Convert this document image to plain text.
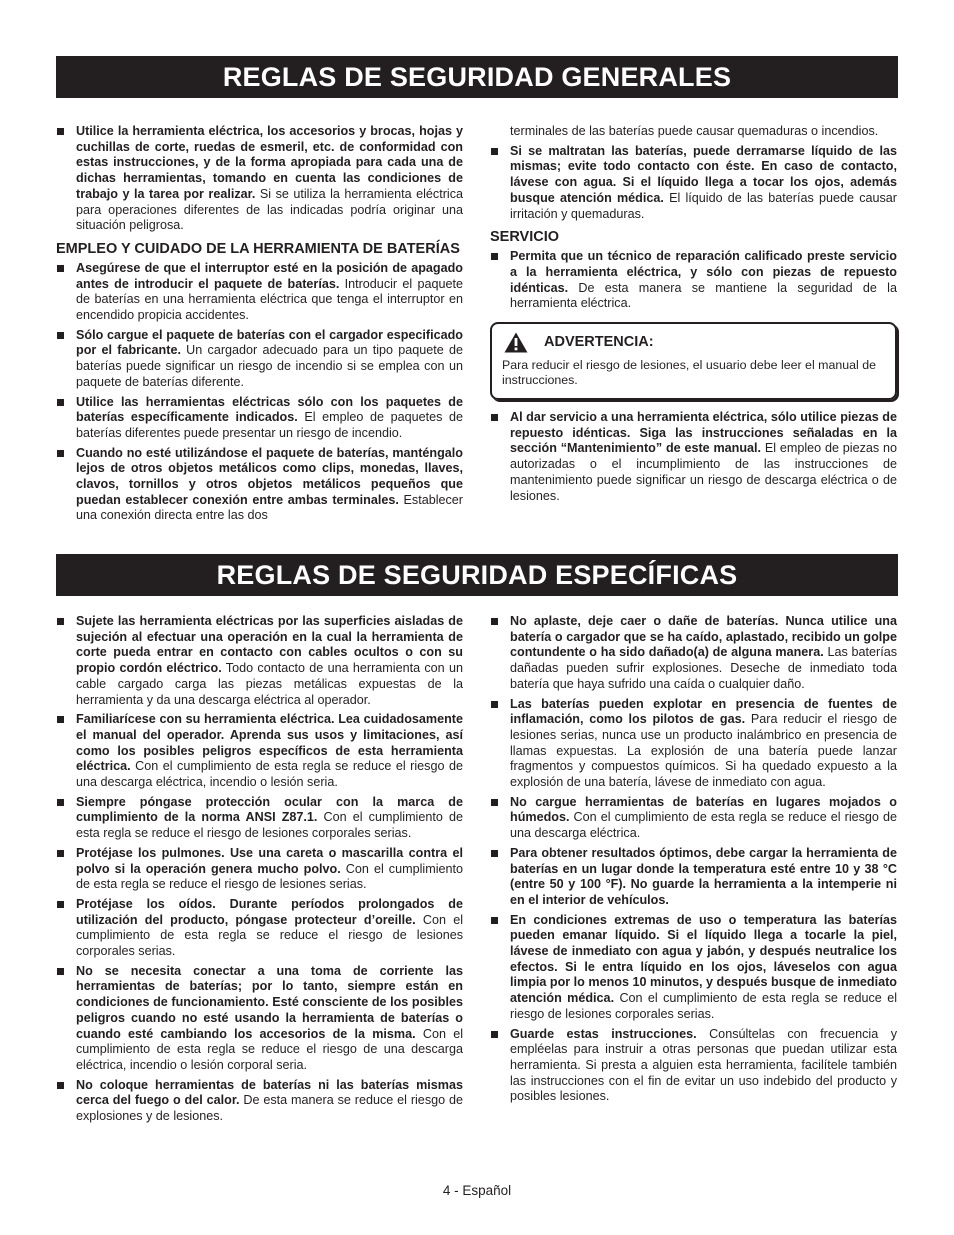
REGLAS DE SEGURIDAD GENERALES
Utilice la herramienta eléctrica, los accesorios y brocas, hojas y cuchillas de corte, ruedas de esmeril, etc. de conformidad con estas instrucciones, y de la forma apropiada para cada una de dichas herramientas, tomando en cuenta las condiciones de trabajo y la tarea por realizar. Si se utiliza la herramienta eléctrica para operaciones diferentes de las indicadas podría originar una situación peligrosa.
EMPLEO Y CUIDADO DE LA HERRAMIENTA DE BATERÍAS
Asegúrese de que el interruptor esté en la posición de apagado antes de introducir el paquete de baterías. Introducir el paquete de baterías en una herramienta eléctrica que tenga el interruptor en encendido propicia accidentes.
Sólo cargue el paquete de baterías con el cargador especificado por el fabricante. Un cargador adecuado para un tipo paquete de baterías puede significar un riesgo de incendio si se emplea con un paquete de baterías diferente.
Utilice las herramientas eléctricas sólo con los paquetes de baterías específicamente indicados. El empleo de paquetes de baterías diferentes puede presentar un riesgo de incendio.
Cuando no esté utilizándose el paquete de baterías, manténgalo lejos de otros objetos metálicos como clips, monedas, llaves, clavos, tornillos y otros objetos metálicos pequeños que puedan establecer conexión entre ambas terminales. Establecer una conexión directa entre las dos
terminales de las baterías puede causar quemaduras o incendios.
Si se maltratan las baterías, puede derramarse líquido de las mismas; evite todo contacto con éste. En caso de contacto, lávese con agua. Si el líquido llega a tocar los ojos, además busque atención médica. El líquido de las baterías puede causar irritación y quemaduras.
SERVICIO
Permita que un técnico de reparación calificado preste servicio a la herramienta eléctrica, y sólo con piezas de repuesto idénticas. De esta manera se mantiene la seguridad de la herramienta eléctrica.
ADVERTENCIA:
Para reducir el riesgo de lesiones, el usuario debe leer el manual de instrucciones.
Al dar servicio a una herramienta eléctrica, sólo utilice piezas de repuesto idénticas. Siga las instrucciones señaladas en la sección “Mantenimiento” de este manual. El empleo de piezas no autorizadas o el incumplimiento de las instrucciones de mantenimiento puede significar un riesgo de descarga eléctrica o de lesiones.
REGLAS DE SEGURIDAD ESPECÍFICAS
Sujete las herramienta eléctricas por las superficies aisladas de sujeción al efectuar una operación en la cual la herramienta de corte pueda entrar en contacto con cables ocultos o con su propio cordón eléctrico. Todo contacto de una herramienta con un cable cargado carga las piezas metálicas expuestas de la herramienta y da una descarga eléctrica al operador.
Familiarícese con su herramienta eléctrica. Lea cuidadosamente el manual del operador. Aprenda sus usos y limitaciones, así como los posibles peligros específicos de esta herramienta eléctrica. Con el cumplimiento de esta regla se reduce el riesgo de una descarga eléctrica, incendio o lesión seria.
Siempre póngase protección ocular con la marca de cumplimiento de la norma ANSI Z87.1. Con el cumplimiento de esta regla se reduce el riesgo de lesiones corporales serias.
Protéjase los pulmones. Use una careta o mascarilla contra el polvo si la operación genera mucho polvo. Con el cumplimiento de esta regla se reduce el riesgo de lesiones serias.
Protéjase los oídos. Durante períodos prolongados de utilización del producto, póngase protecteur d’oreille. Con el cumplimiento de esta regla se reduce el riesgo de lesiones corporales serias.
No se necesita conectar a una toma de corriente las herramientas de baterías; por lo tanto, siempre están en condiciones de funcionamiento. Esté consciente de los posibles peligros cuando no esté usando la herramienta de baterías o cuando esté cambiando los accesorios de la misma. Con el cumplimiento de esta regla se reduce el riesgo de una descarga eléctrica, incendio o lesión corporal seria.
No coloque herramientas de baterías ni las baterías mismas cerca del fuego o del calor. De esta manera se reduce el riesgo de explosiones y de lesiones.
No aplaste, deje caer o dañe de baterías. Nunca utilice una batería o cargador que se ha caído, aplastado, recibido un golpe contundente o ha sido dañado(a) de alguna manera. Las baterías dañadas pueden sufrir explosiones. Deseche de inmediato toda batería que haya sufrido una caída o cualquier daño.
Las baterías pueden explotar en presencia de fuentes de inflamación, como los pilotos de gas. Para reducir el riesgo de lesiones serias, nunca use un producto inalámbrico en presencia de llamas expuestas. La explosión de una batería puede lanzar fragmentos y compuestos químicos. Si ha quedado expuesto a la explosión de una batería, lávese de inmediato con agua.
No cargue herramientas de baterías en lugares mojados o húmedos. Con el cumplimiento de esta regla se reduce el riesgo de una descarga eléctrica.
Para obtener resultados óptimos, debe cargar la herramienta de baterías en un lugar donde la temperatura esté entre 10 y 38 °C (entre 50 y 100 °F). No guarde la herramienta a la intemperie ni en el interior de vehículos.
En condiciones extremas de uso o temperatura las baterías pueden emanar líquido. Si el líquido llega a tocarle la piel, lávese de inmediato con agua y jabón, y después neutralice los efectos. Si le entra líquido en los ojos, láveselos con agua limpia por lo menos 10 minutos, y después busque de inmediato atención médica. Con el cumplimiento de esta regla se reduce el riesgo de lesiones corporales serias.
Guarde estas instrucciones. Consúltelas con frecuencia y empléelas para instruir a otras personas que puedan utilizar esta herramienta. Si presta a alguien esta herramienta, facilítele también las instrucciones con el fin de evitar un uso indebido del producto y posibles lesiones.
4 - Español
